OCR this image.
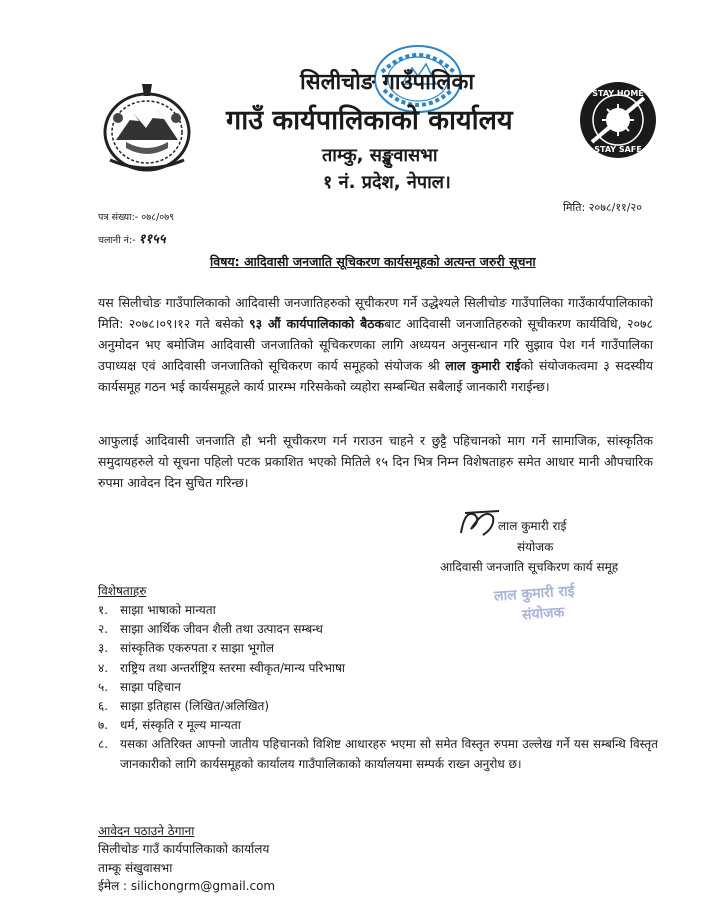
STAY HOME
STAY SAFE
सिलीचोङ गाउँपालिका
गाउँ कार्यपालिकाको कार्यालय
ताम्कु, सङ्खुवासभा
१ नं. प्रदेश, नेपाल।
मिति: २०७८/११/२०
पत्र संख्या:- ०७८/०७९
चलानी नं:- ११५५
विषय: आदिवासी जनजाति सूचिकरण कार्यसमूहको अत्यन्त जरुरी सूचना
यस सिलीचोङ गाउँपालिकाको आदिवासी जनजातिहरुको सूचीकरण गर्ने उद्धेश्यले सिलीचोङ गाउँपालिका गाउँकार्यपालिकाको मिति: २०७८।०९।१२ गते बसेको ९३ औं कार्यपालिकाको बैठकबाट आदिवासी जनजातिहरुको सूचीकरण कार्यविधि, २०७८ अनुमोदन भए बमोजिम आदिवासी जनजातिको सूचिकरणका लागि अध्ययन अनुसन्धान गरि सुझाव पेश गर्न गाउँपालिका उपाध्यक्ष एवं आदिवासी जनजातिको सूचिकरण कार्य समूहको संयोजक श्री लाल कुमारी राईको संयोजकत्वमा ३ सदस्यीय कार्यसमूह गठन भई कार्यसमूहले कार्य प्रारम्भ गरिसकेको व्यहोरा सम्बन्धित सबैलाई जानकारी गराईन्छ।
आफुलाई आदिवासी जनजाति हौ भनी सूचीकरण गर्न गराउन चाहने र छुट्टै पहिचानको माग गर्ने सामाजिक, सांस्कृतिक समुदायहरुले यो सूचना पहिलो पटक प्रकाशित भएको मितिले १५ दिन भित्र निम्न विशेषताहरु समेत आधार मानी औपचारिक रुपमा आवेदन दिन सुचित गरिन्छ।
लाल कुमारी राई
संयोजक
आदिवासी जनजाति सूचकिरण कार्य समूह
लाल कुमारी राई
संयोजक
विशेषताहरु
१. साझा भाषाको मान्यता
२. साझा आर्थिक जीवन शैली तथा उत्पादन सम्बन्ध
३. सांस्कृतिक एकरुपता र साझा भूगोल
४. राष्ट्रिय तथा अन्तर्राष्ट्रिय स्तरमा स्वीकृत/मान्य परिभाषा
५. साझा पहिचान
६. साझा इतिहास (लिखित/अलिखित)
७. धर्म, संस्कृति र मूल्य मान्यता
८. यसका अतिरिक्त आफ्नो जातीय पहिचानको विशिष्ट आधारहरु भएमा सो समेत विस्तृत रुपमा उल्लेख गर्ने यस सम्बन्धि विस्तृत जानकारीको लागि कार्यसमूहको कार्यालय गाउँपालिकाको कार्यालयमा सम्पर्क राख्न अनुरोध छ।
आवेदन पठाउने ठेगाना
सिलीचोङ गाउँ कार्यपालिकाको कार्यालय
ताम्कू संखुवासभा
ईमेल : silichongrm@gmail.com
